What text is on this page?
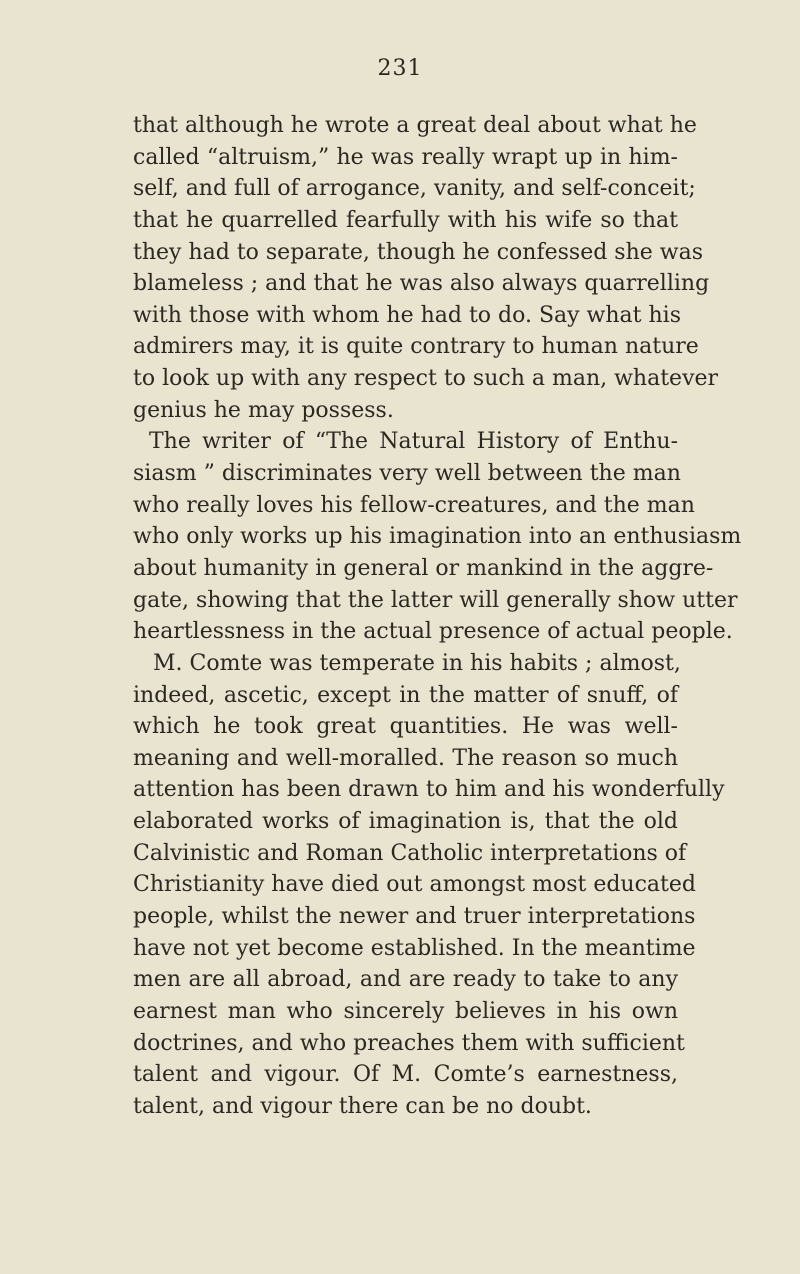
231
that although he wrote a great deal about what he
called “altruism,” he was really wrapt up in him-
self, and full of arrogance, vanity, and self-conceit;
that he quarrelled fearfully with his wife so that
they had to separate, though he confessed she was
blameless ; and that he was also always quarrelling
with those with whom he had to do. Say what his
admirers may, it is quite contrary to human nature
to look up with any respect to such a man, whatever
genius he may possess.
The writer of “The Natural History of Enthu-
siasm ” discriminates very well between the man
who really loves his fellow-creatures, and the man
who only works up his imagination into an enthusiasm
about humanity in general or mankind in the aggre-
gate, showing that the latter will generally show utter
heartlessness in the actual presence of actual people.
M. Comte was temperate in his habits ; almost,
indeed, ascetic, except in the matter of snuff, of
which he took great quantities. He was well-
meaning and well-moralled. The reason so much
attention has been drawn to him and his wonderfully
elaborated works of imagination is, that the old
Calvinistic and Roman Catholic interpretations of
Christianity have died out amongst most educated
people, whilst the newer and truer interpretations
have not yet become established. In the meantime
men are all abroad, and are ready to take to any
earnest man who sincerely believes in his own
doctrines, and who preaches them with sufficient
talent and vigour. Of M. Comte’s earnestness,
talent, and vigour there can be no doubt.
